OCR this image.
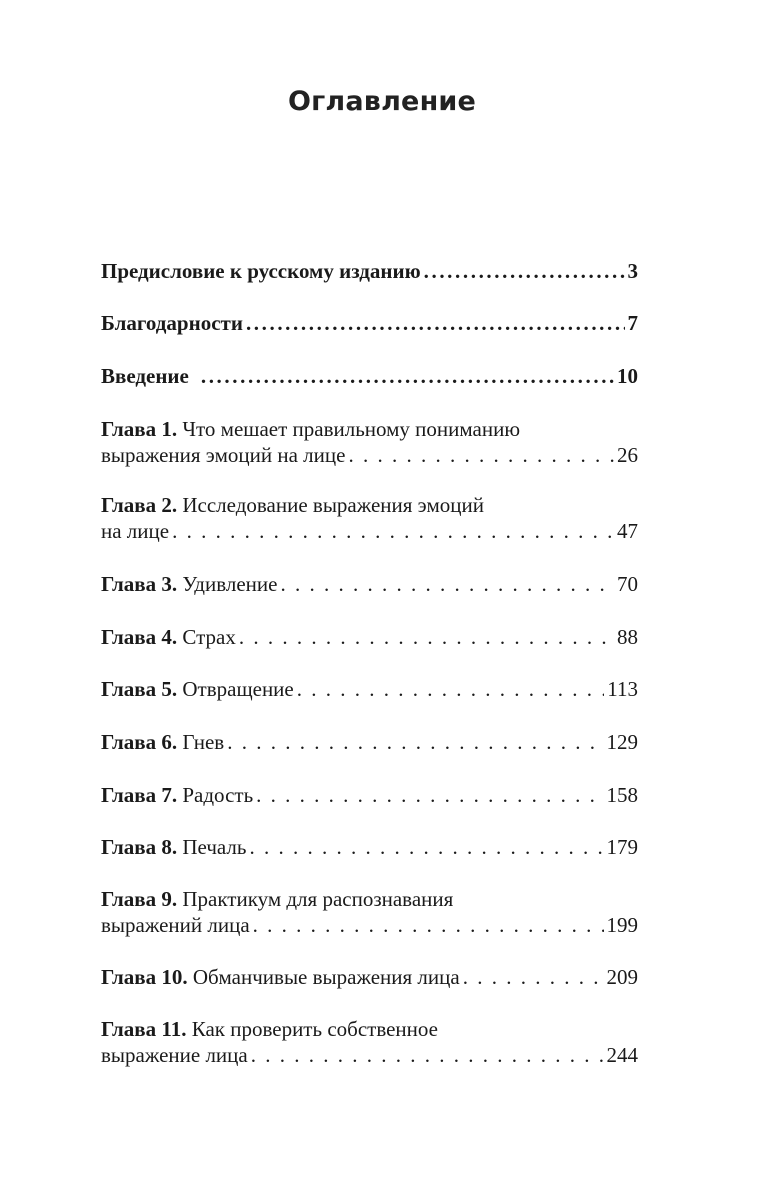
Оглавление
Предисловие к русскому изданию .....	3
Благодарности .....	7
Введение .....	10
Глава 1.
Что мешает правильному пониманию
выражения эмоций на лице . . .	26
Глава 2.
Исследование выражения эмоций
на лице . . .	47
Глава 3.
Удивление . . .	70
Глава 4.
Страх . . .	88
Глава 5.
Отвращение . . .	113
Глава 6.
Гнев . . .	129
Глава 7.
Радость . . .	158
Глава 8.
Печаль . . .	179
Глава 9.
Практикум для распознавания
выражений лица . . .	199
Глава 10.
Обманчивые выражения лица . . .	209
Глава 11.
Как проверить собственное
выражение лица . . .	244
